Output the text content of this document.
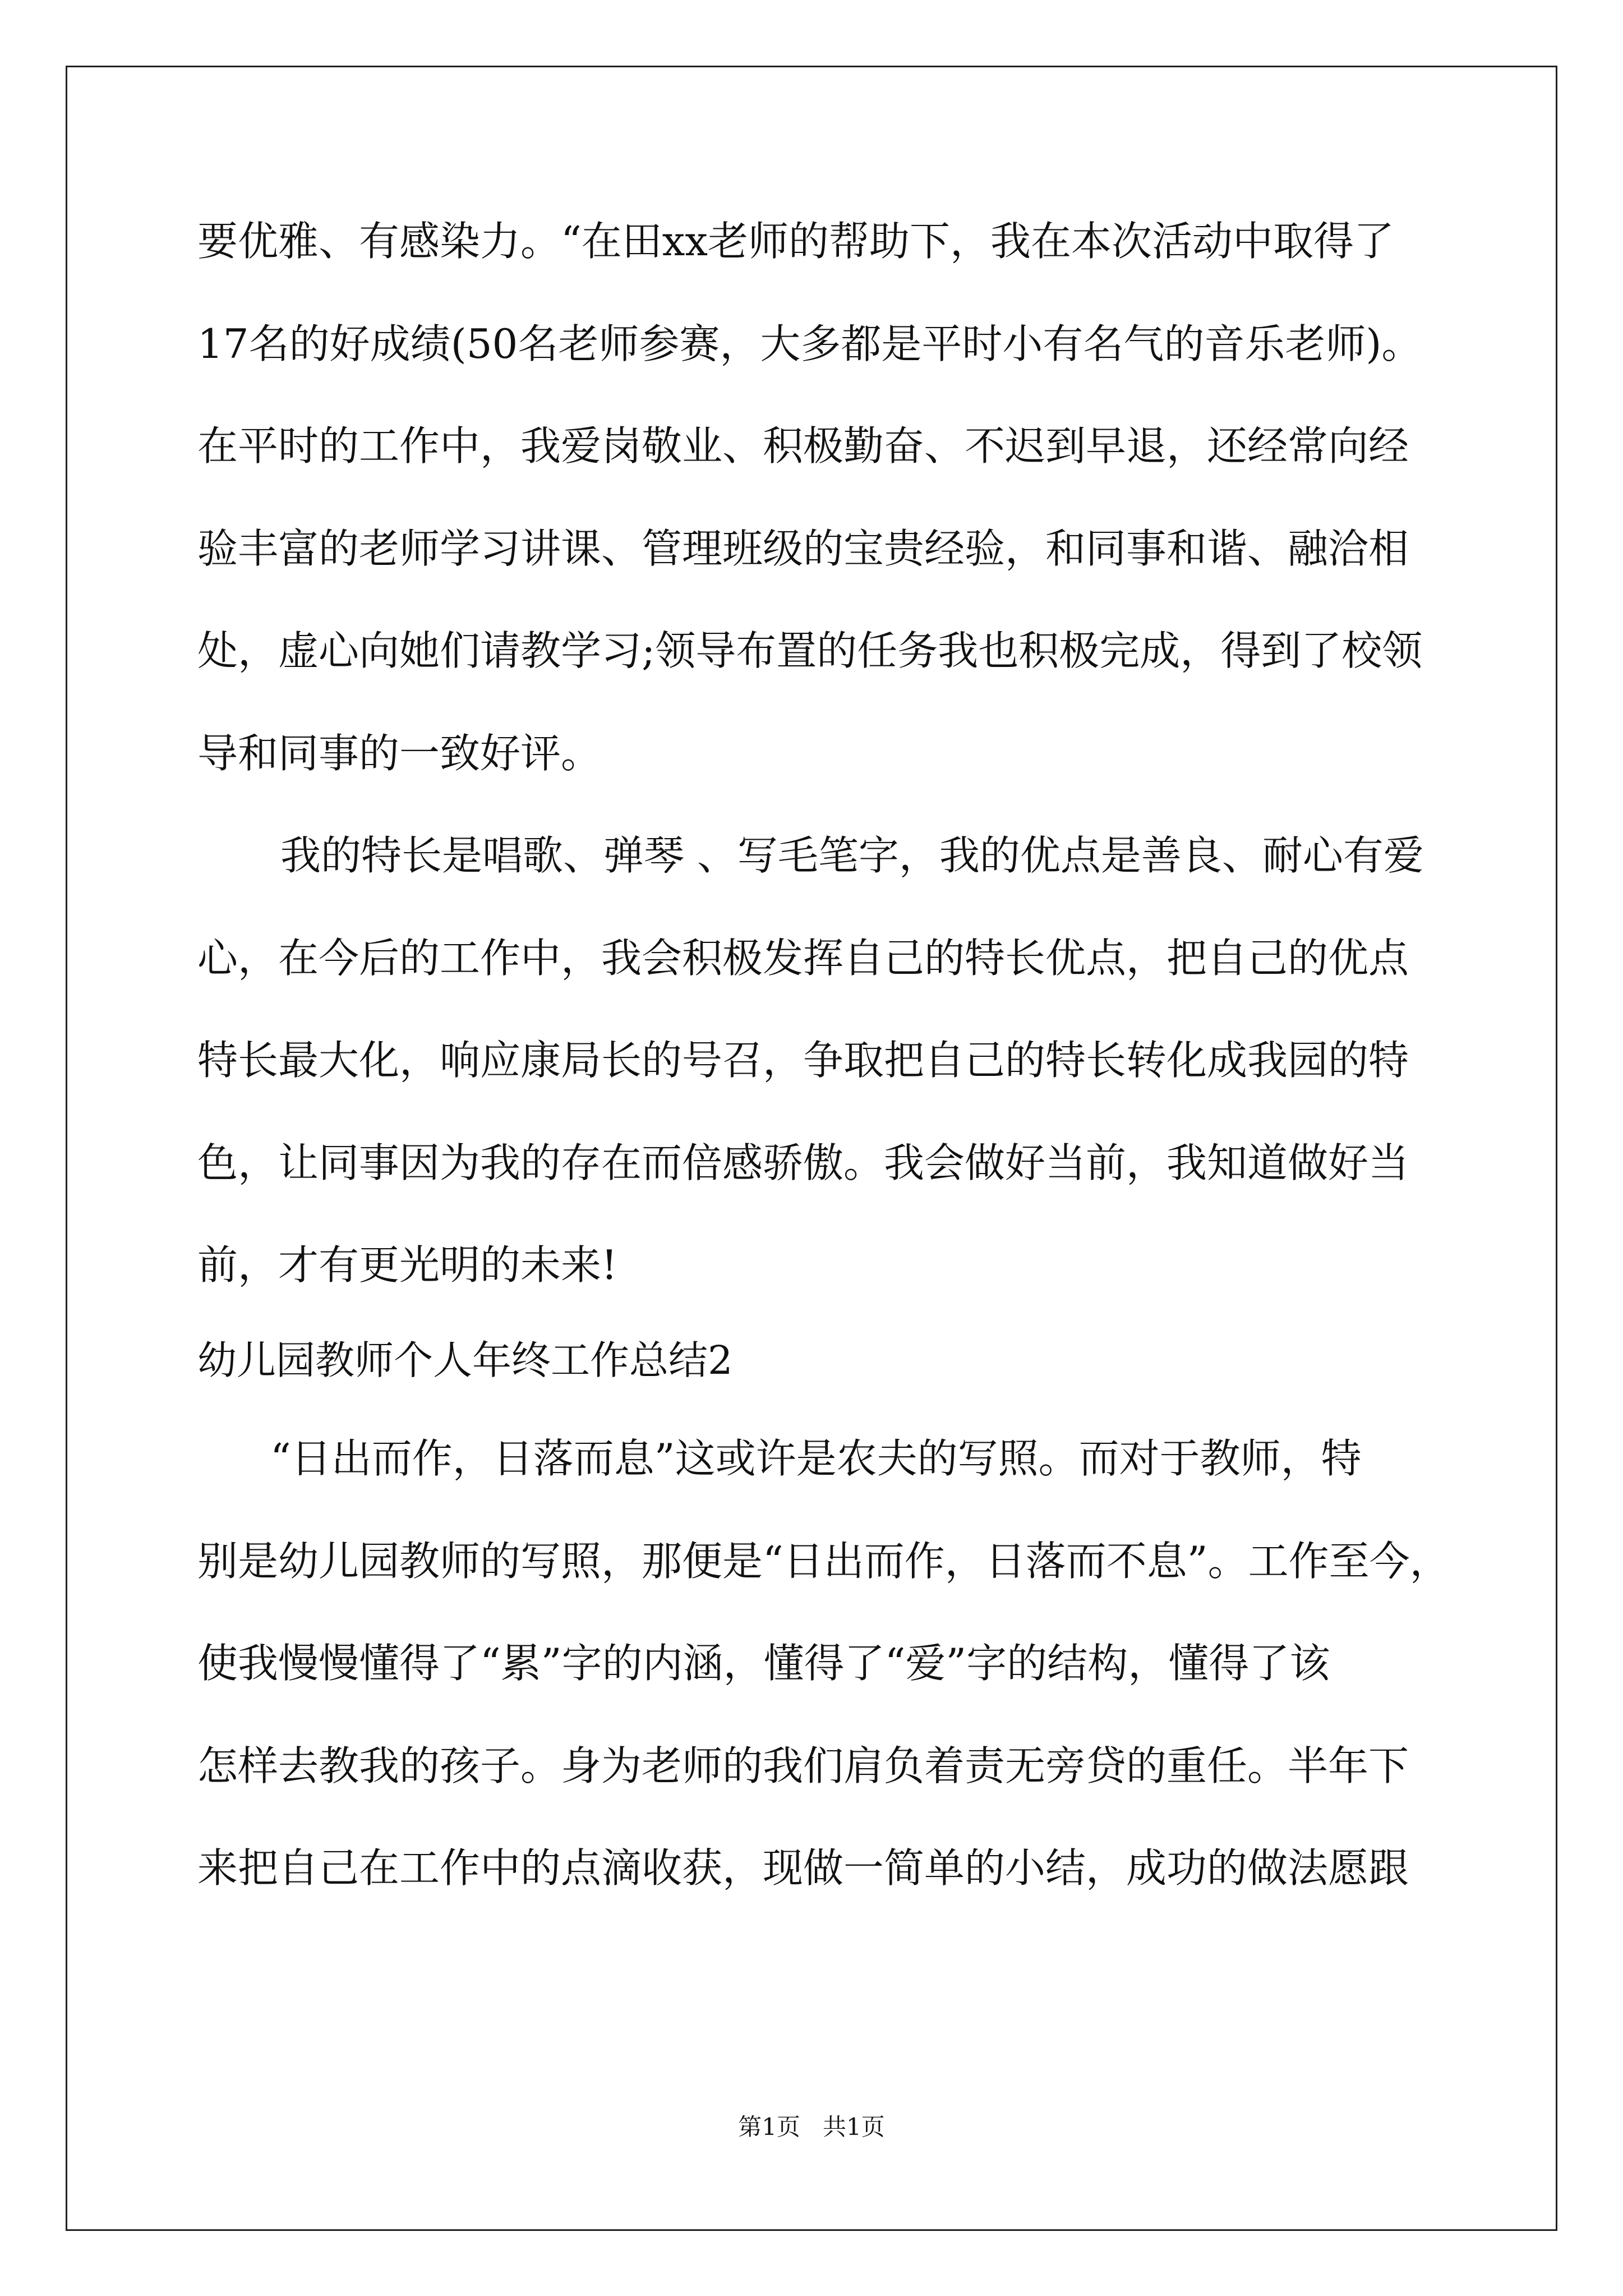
要优雅、有感染力。“在田xx老师的帮助下，我在本次活动中取得了
17名的好成绩(50名老师参赛，大多都是平时小有名气的音乐老师)。
在平时的工作中，我爱岗敬业、积极勤奋、不迟到早退，还经常向经
验丰富的老师学习讲课、管理班级的宝贵经验，和同事和谐、融洽相
处，虚心向她们请教学习;领导布置的任务我也积极完成，得到了校领
导和同事的一致好评。
我的特长是唱歌、弹琴 、写毛笔字，我的优点是善良、耐心有爱
心，在今后的工作中，我会积极发挥自己的特长优点，把自己的优点
特长最大化，响应康局长的号召，争取把自己的特长转化成我园的特
色，让同事因为我的存在而倍感骄傲。我会做好当前，我知道做好当
前，才有更光明的未来!
幼儿园教师个人年终工作总结2
“日出而作，日落而息”这或许是农夫的写照。而对于教师，特
别是幼儿园教师的写照，那便是“日出而作，日落而不息”。工作至今，
使我慢慢懂得了“累”字的内涵，懂得了“爱”字的结构，懂得了该
怎样去教我的孩子。身为老师的我们肩负着责无旁贷的重任。半年下
来把自己在工作中的点滴收获，现做一简单的小结，成功的做法愿跟
第1页   共1页
